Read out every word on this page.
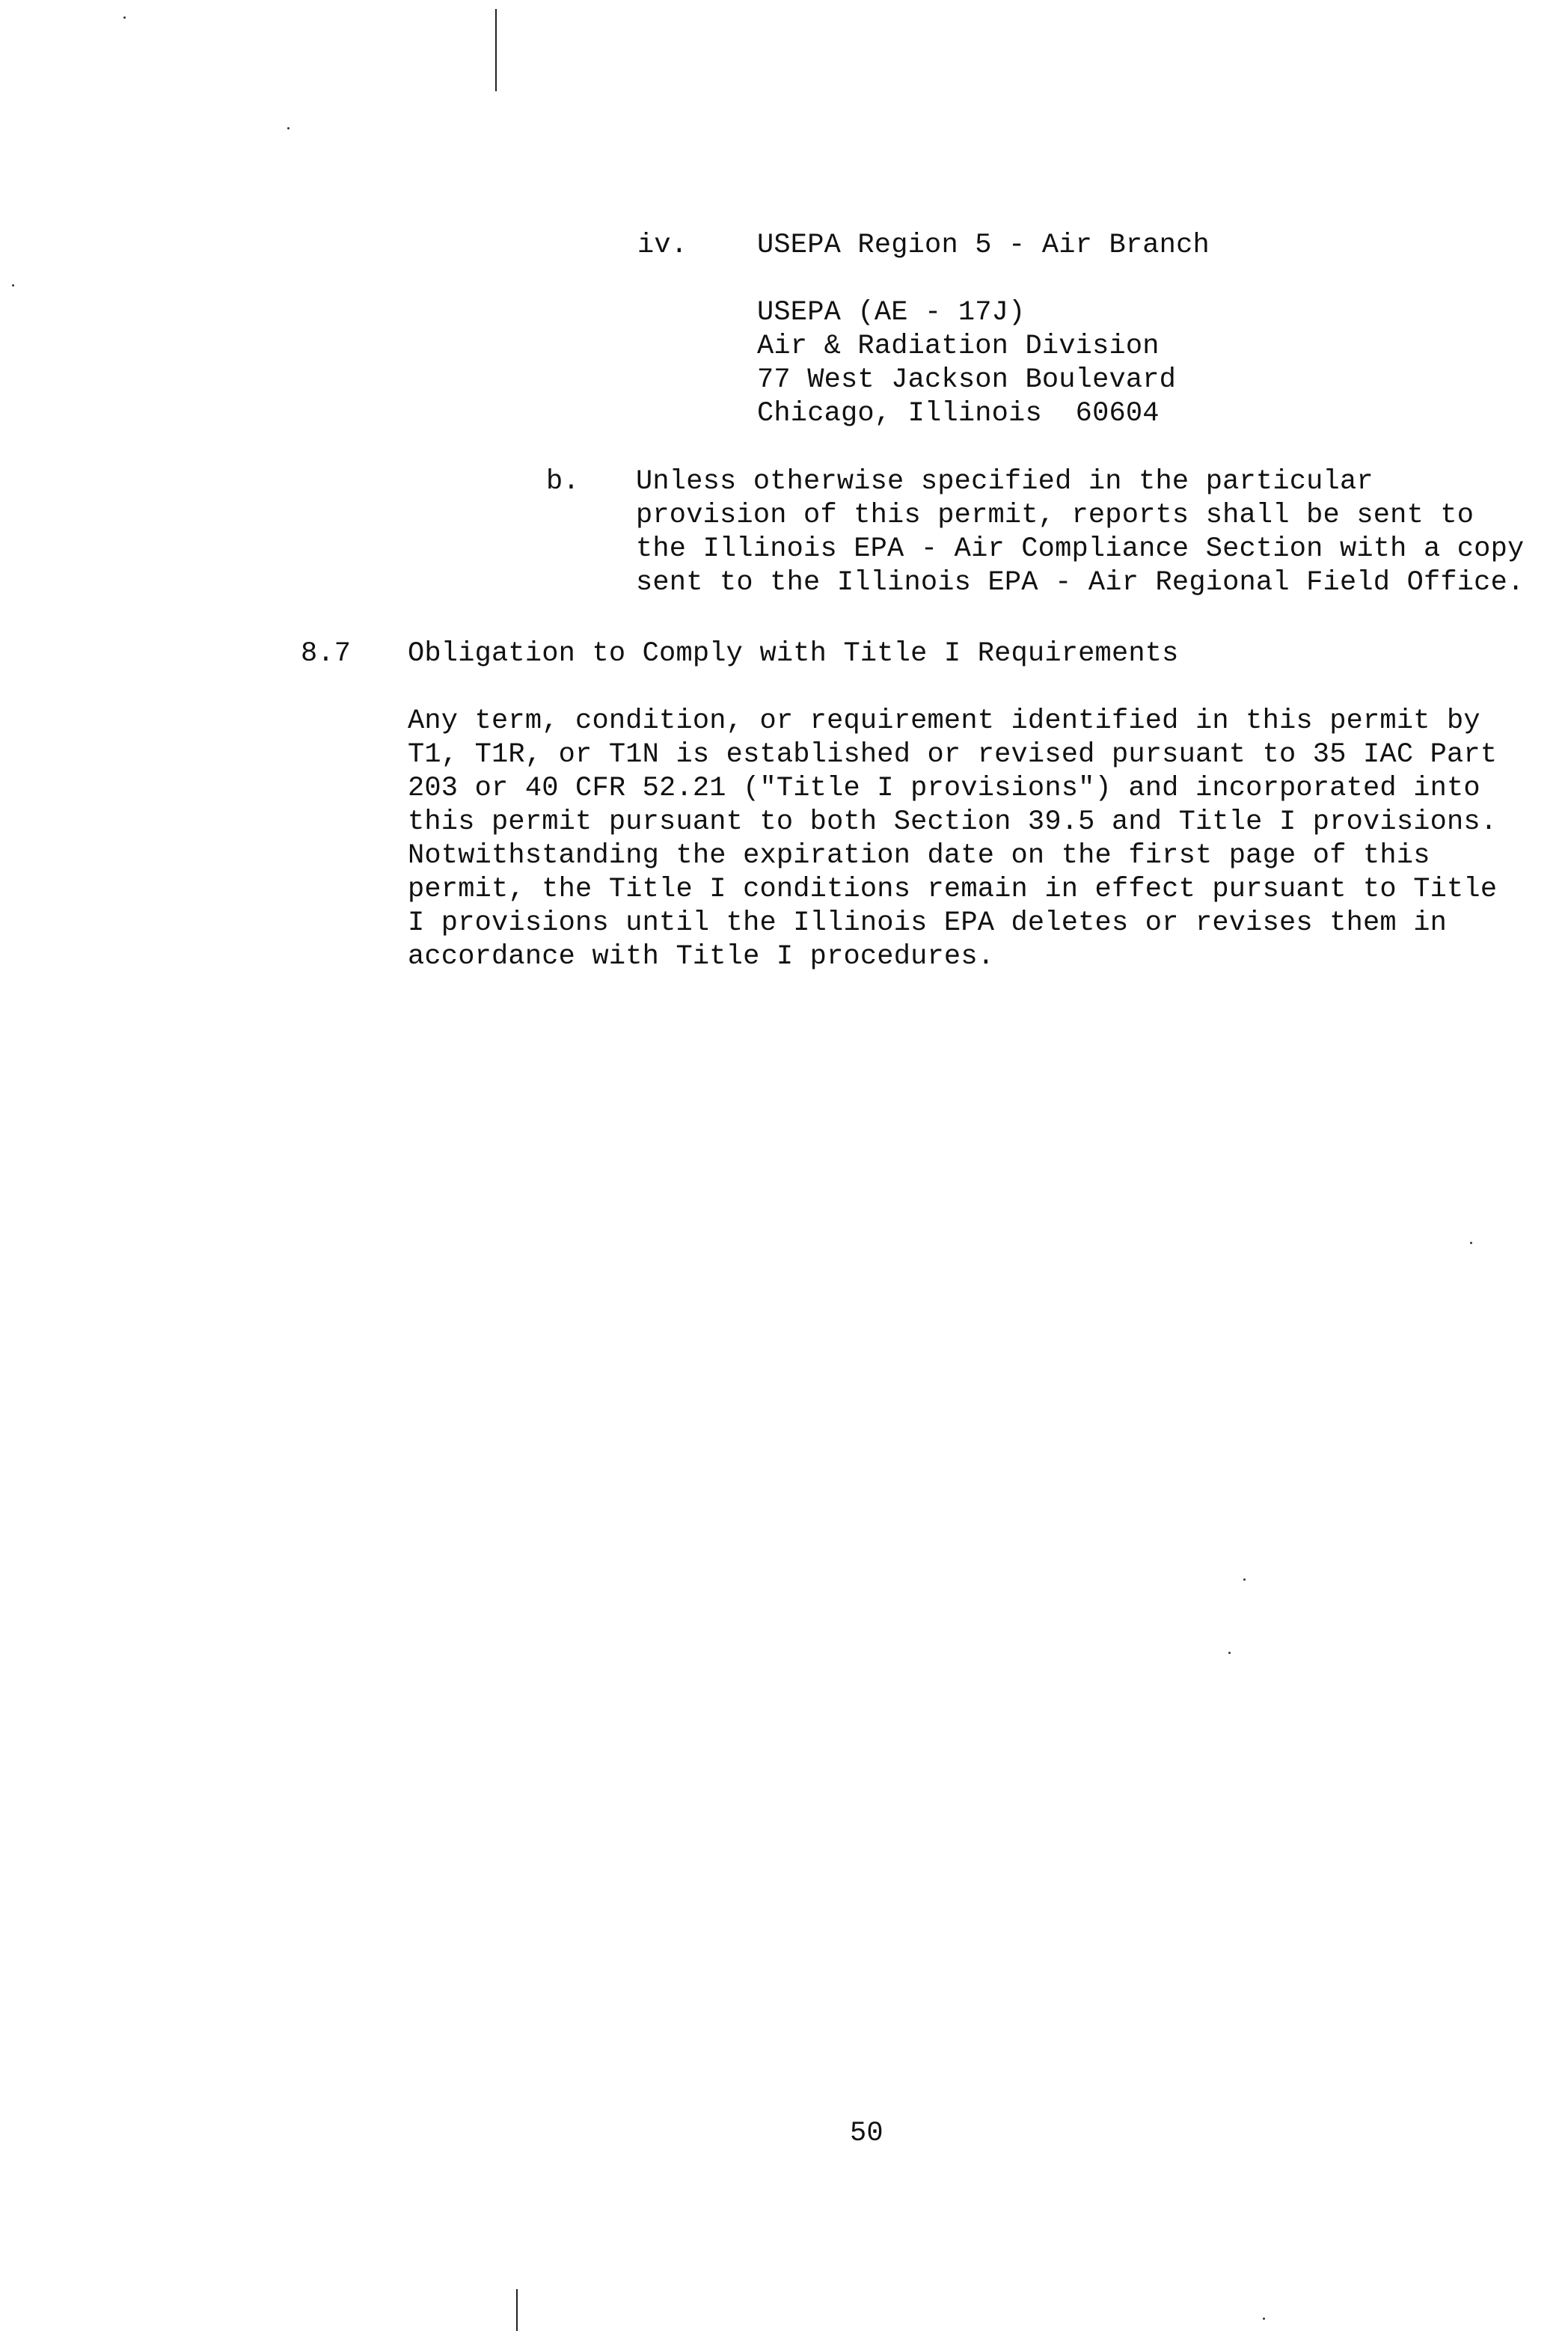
iv.	USEPA Region 5 - Air Branch
USEPA (AE - 17J)
Air & Radiation Division
77 West Jackson Boulevard
Chicago, Illinois  60604
b. Unless otherwise specified in the particular
provision of this permit, reports shall be sent to
the Illinois EPA - Air Compliance Section with a copy
sent to the Illinois EPA - Air Regional Field Office.
8.7 Obligation to Comply with Title I Requirements
Any term, condition, or requirement identified in this permit by
T1, T1R, or T1N is established or revised pursuant to 35 IAC Part
203 or 40 CFR 52.21 ("Title I provisions") and incorporated into
this permit pursuant to both Section 39.5 and Title I provisions.
Notwithstanding the expiration date on the first page of this
permit, the Title I conditions remain in effect pursuant to Title
I provisions until the Illinois EPA deletes or revises them in
accordance with Title I procedures.
50
